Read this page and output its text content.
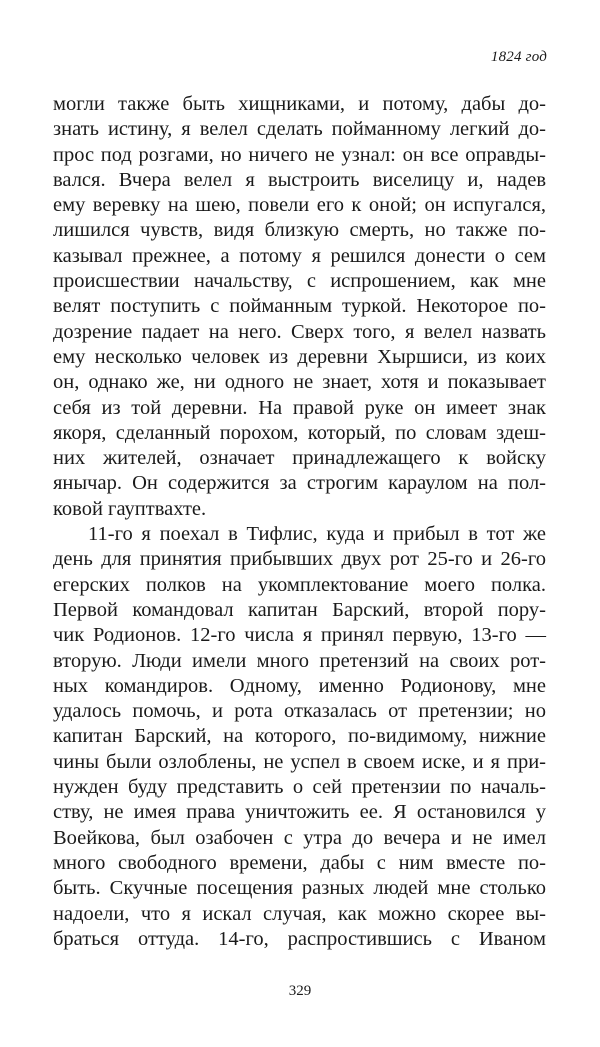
1824 год
могли также быть хищниками, и потому, дабы до-
знать истину, я велел сделать пойманному легкий до-
прос под розгами, но ничего не узнал: он все оправды-
вался. Вчера велел я выстроить виселицу и, надев
ему веревку на шею, повели его к оной; он испугался,
лишился чувств, видя близкую смерть, но также по-
казывал прежнее, а потому я решился донести о сем
происшествии начальству, с испрошением, как мне
велят поступить с пойманным туркой. Некоторое по-
дозрение падает на него. Сверх того, я велел назвать
ему несколько человек из деревни Хыршиси, из коих
он, однако же, ни одного не знает, хотя и показывает
себя из той деревни. На правой руке он имеет знак
якоря, сделанный порохом, который, по словам здеш-
них жителей, означает принадлежащего к войску
янычар. Он содержится за строгим караулом на пол-
ковой гауптвахте.
11-го я поехал в Тифлис, куда и прибыл в тот же
день для принятия прибывших двух рот 25-го и 26-го
егерских полков на укомплектование моего полка.
Первой командовал капитан Барский, второй пору-
чик Родионов. 12-го числа я принял первую, 13-го —
вторую. Люди имели много претензий на своих рот-
ных командиров. Одному, именно Родионову, мне
удалось помочь, и рота отказалась от претензии; но
капитан Барский, на которого, по-видимому, нижние
чины были озлоблены, не успел в своем иске, и я при-
нужден буду представить о сей претензии по началь-
ству, не имея права уничтожить ее. Я остановился у
Воейкова, был озабочен с утра до вечера и не имел
много свободного времени, дабы с ним вместе по-
быть. Скучные посещения разных людей мне столько
надоели, что я искал случая, как можно скорее вы-
браться оттуда. 14-го, распростившись с Иваном
329
